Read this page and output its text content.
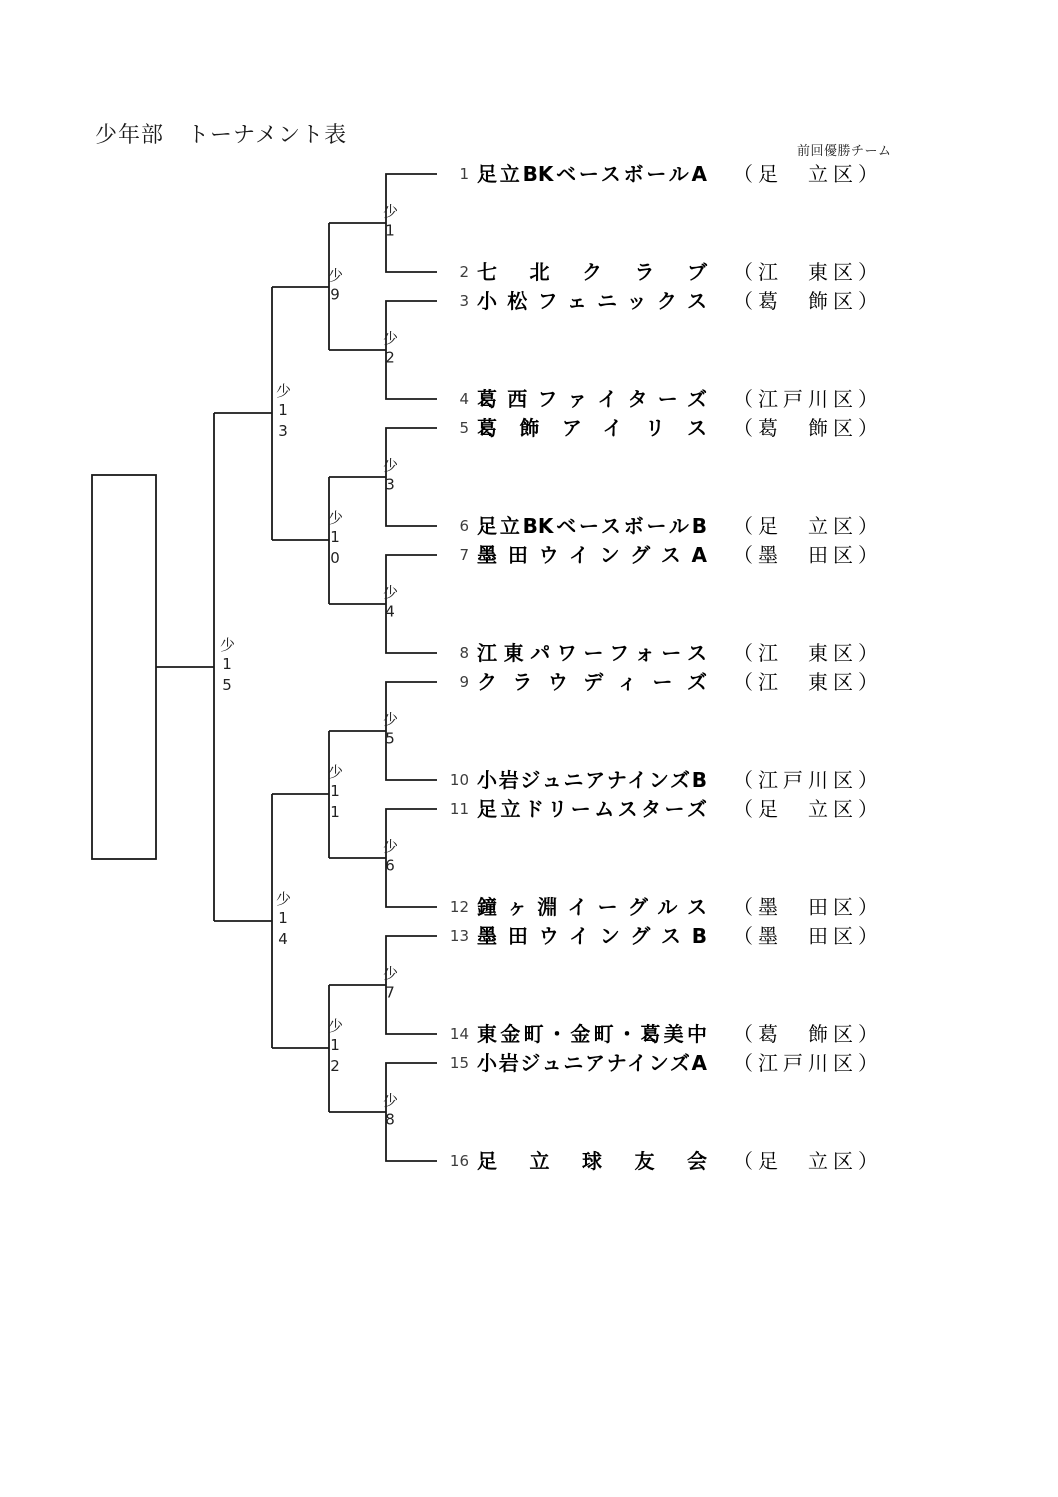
少年部　トーナメント表
前回優勝チーム
少1
少2
少3
少4
少5
少6
少7
少8
少9
少10
少11
少12
少13
少14
少15
1 足立BKベースボールA （足　立区）
2 七北クラブ （江　東区）
3 小松フェニックス （葛　飾区）
4 葛西ファイターズ （江戸川区）
5 葛飾アイリス （葛　飾区）
6 足立BKベースボールB （足　立区）
7 墨田ウイングスA （墨　田区）
8 江東パワーフォース （江　東区）
9 クラウディーズ （江　東区）
10 小岩ジュニアナインズB （江戸川区）
11 足立ドリームスターズ （足　立区）
12 鐘ヶ淵イーグルス （墨　田区）
13 墨田ウイングスB （墨　田区）
14 東金町・金町・葛美中 （葛　飾区）
15 小岩ジュニアナインズA （江戸川区）
16 足立球友会 （足　立区）
